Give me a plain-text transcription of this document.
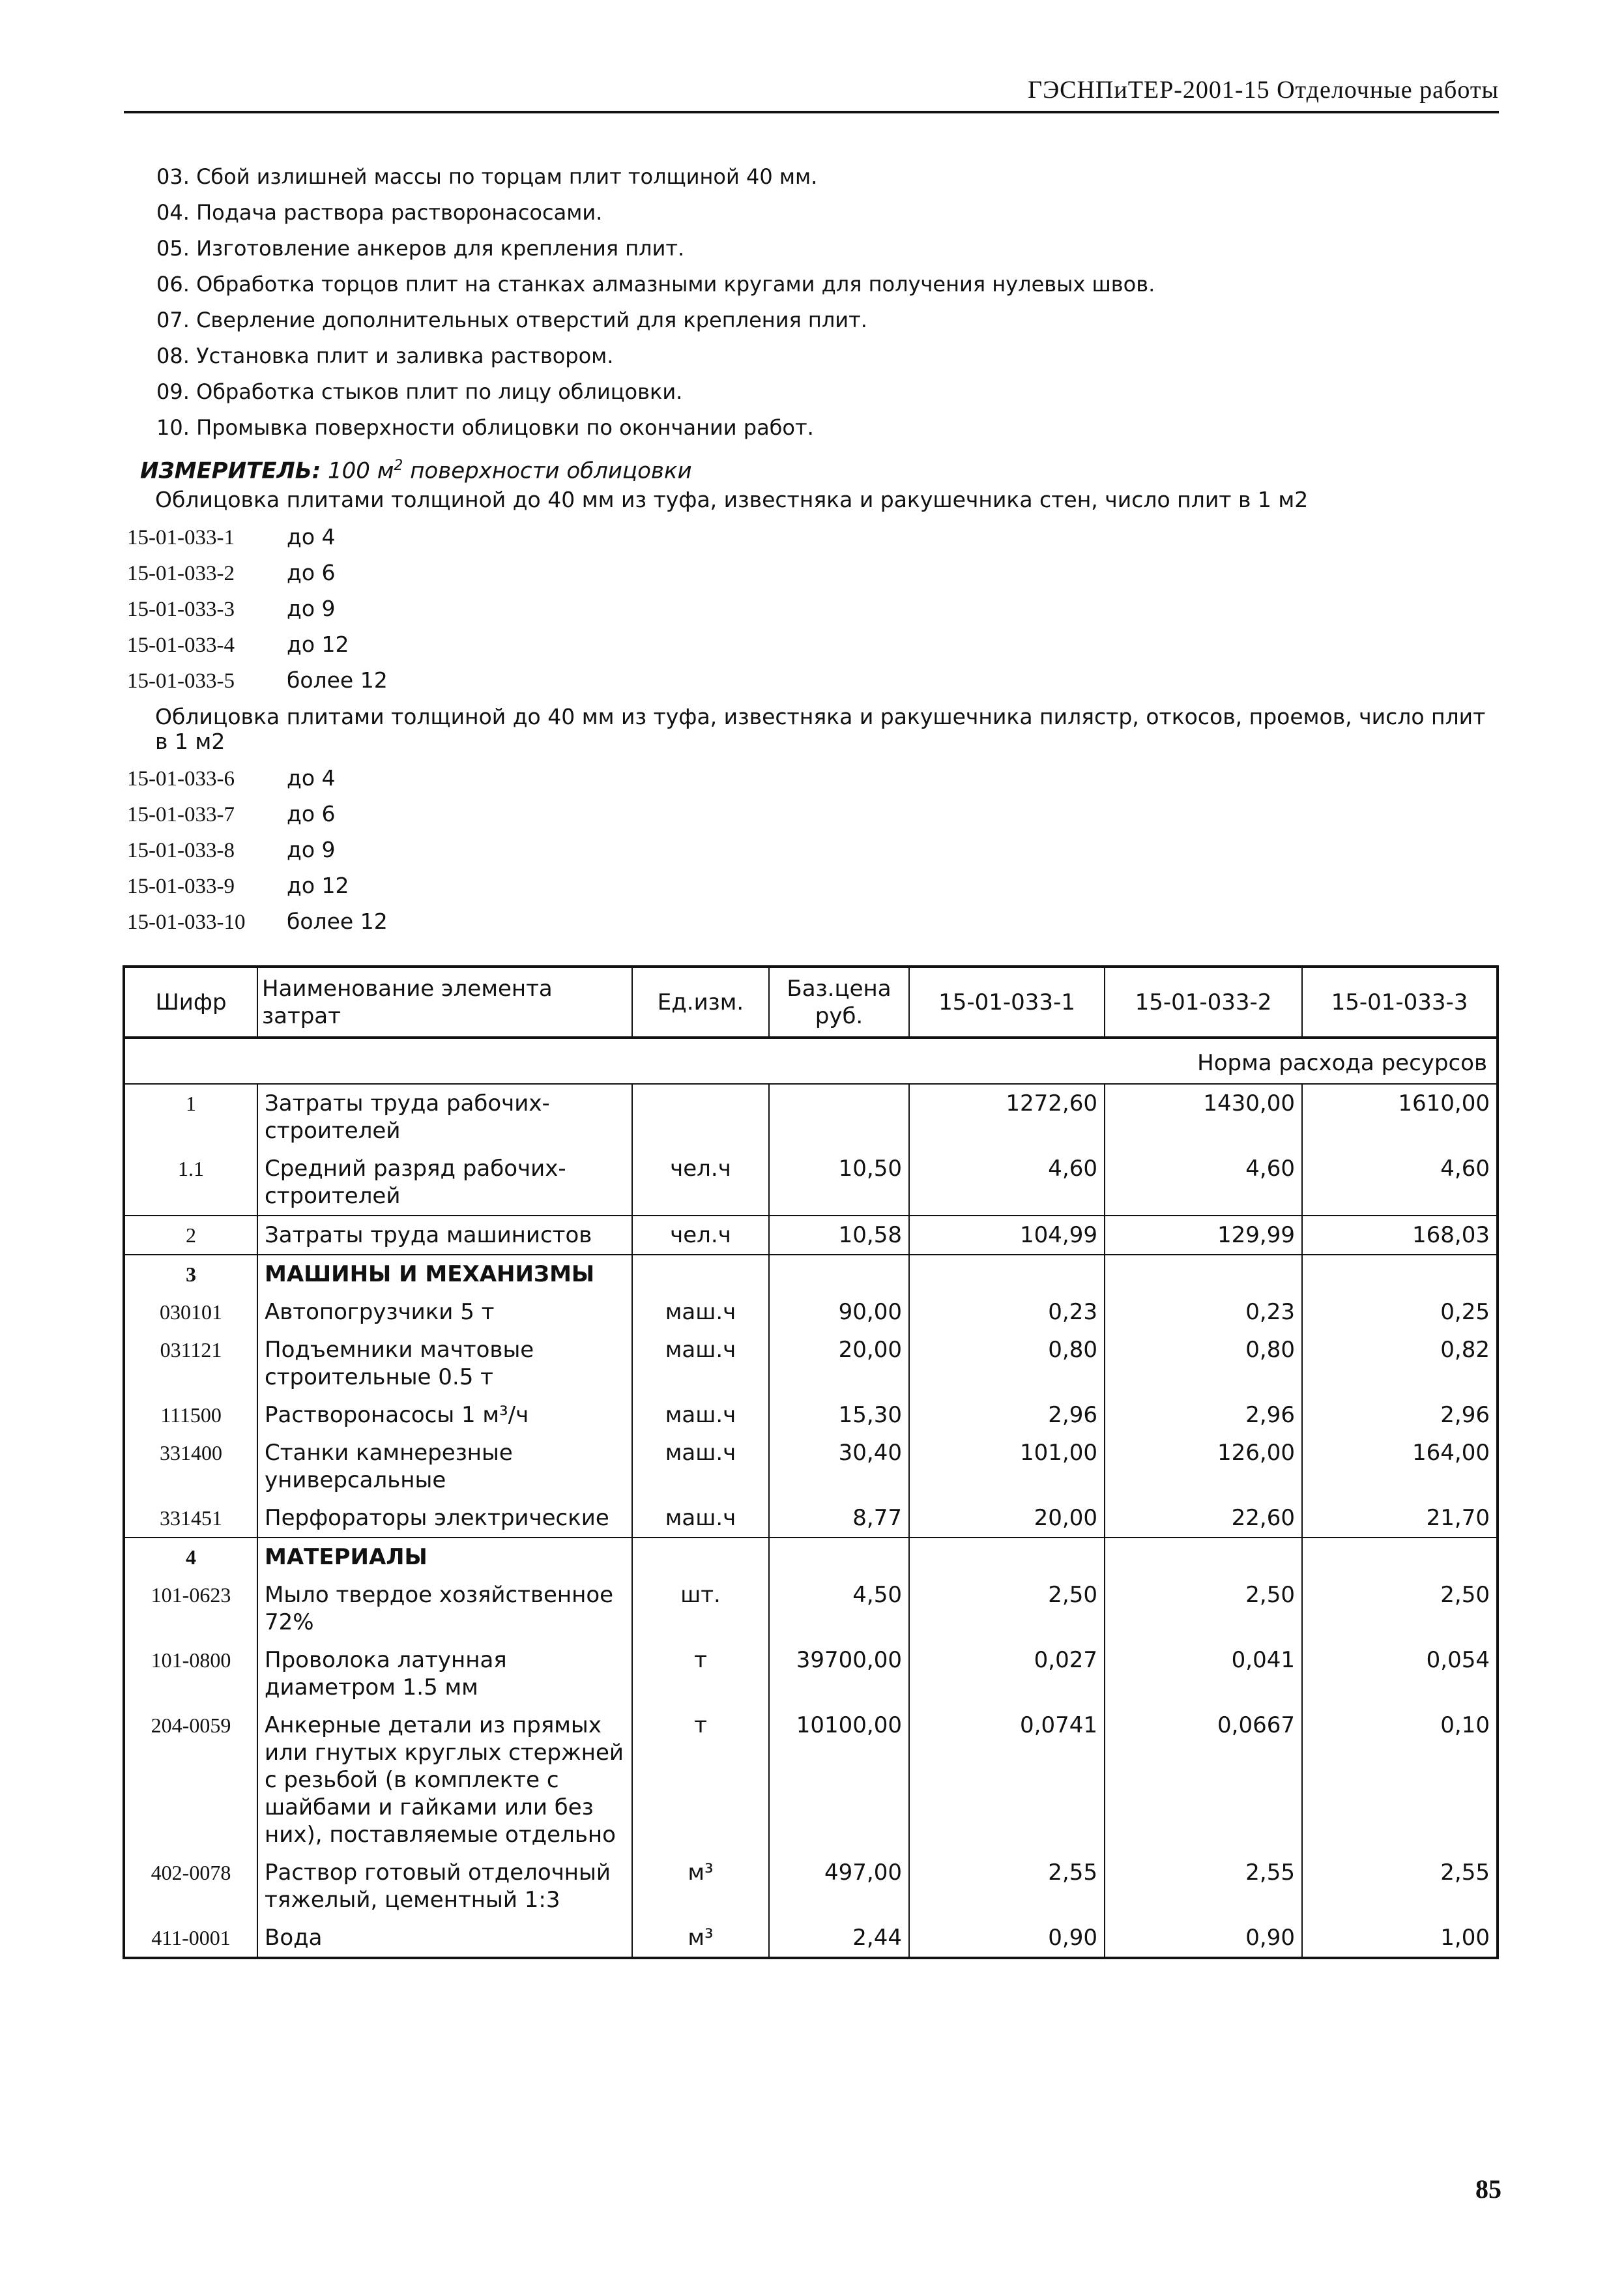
ГЭСНПиТЕР-2001-15 Отделочные работы
03. Сбой излишней массы по торцам плит толщиной 40 мм.
04. Подача раствора растворонасосами.
05. Изготовление анкеров для крепления плит.
06. Обработка торцов плит на станках алмазными кругами для получения нулевых швов.
07. Сверление дополнительных отверстий для крепления плит.
08. Установка плит и заливка раствором.
09. Обработка стыков плит по лицу облицовки.
10. Промывка поверхности облицовки по окончании работ.
ИЗМЕРИТЕЛЬ: 100 $м^2$ поверхности облицовки
Облицовка плитами толщиной до 40 мм из туфа, известняка и ракушечника стен, число плит в 1 м2
15-01-033-1 до 4
15-01-033-2 до 6
15-01-033-3 до 9
15-01-033-4 до 12
15-01-033-5 более 12
Облицовка плитами толщиной до 40 мм из туфа, известняка и ракушечника пилястр, откосов, проемов, число плит в 1 м2
15-01-033-6 до 4
15-01-033-7 до 6
15-01-033-8 до 9
15-01-033-9 до 12
15-01-033-10 более 12
Шифр	Наименование элемента затрат	Ед.изм.	Баз.цена руб.	15-01-033-1	15-01-033-2	15-01-033-3
Норма расхода ресурсов						
1	Затраты труда рабочих-строителей			1272,60	1430,00	1610,00
1.1	Средний разряд рабочих-строителей	чел.ч	10,50	4,60	4,60	4,60
2	Затраты труда машинистов	чел.ч	10,58	104,99	129,99	168,03
3	МАШИНЫ И МЕХАНИЗМЫ					
030101	Автопогрузчики 5 т	маш.ч	90,00	0,23	0,23	0,25
031121	Подъемники мачтовые строительные 0.5 т	маш.ч	20,00	0,80	0,80	0,82
111500	Растворонасосы 1 м³/ч	маш.ч	15,30	2,96	2,96	2,96
331400	Станки камнерезные универсальные	маш.ч	30,40	101,00	126,00	164,00
331451	Перфораторы электрические	маш.ч	8,77	20,00	22,60	21,70
4	МАТЕРИАЛЫ					
101-0623	Мыло твердое хозяйственное 72%	шт.	4,50	2,50	2,50	2,50
101-0800	Проволока латунная диаметром 1.5 мм	т	39700,00	0,027	0,041	0,054
204-0059	Анкерные детали из прямых или гнутых круглых стержней с резьбой (в комплекте с шайбами и гайками или без них), поставляемые отдельно	т	10100,00	0,0741	0,0667	0,10
402-0078	Раствор готовый отделочный тяжелый, цементный 1:3	м³	497,00	2,55	2,55	2,55
411-0001	Вода	м³	2,44	0,90	0,90	1,00
85
